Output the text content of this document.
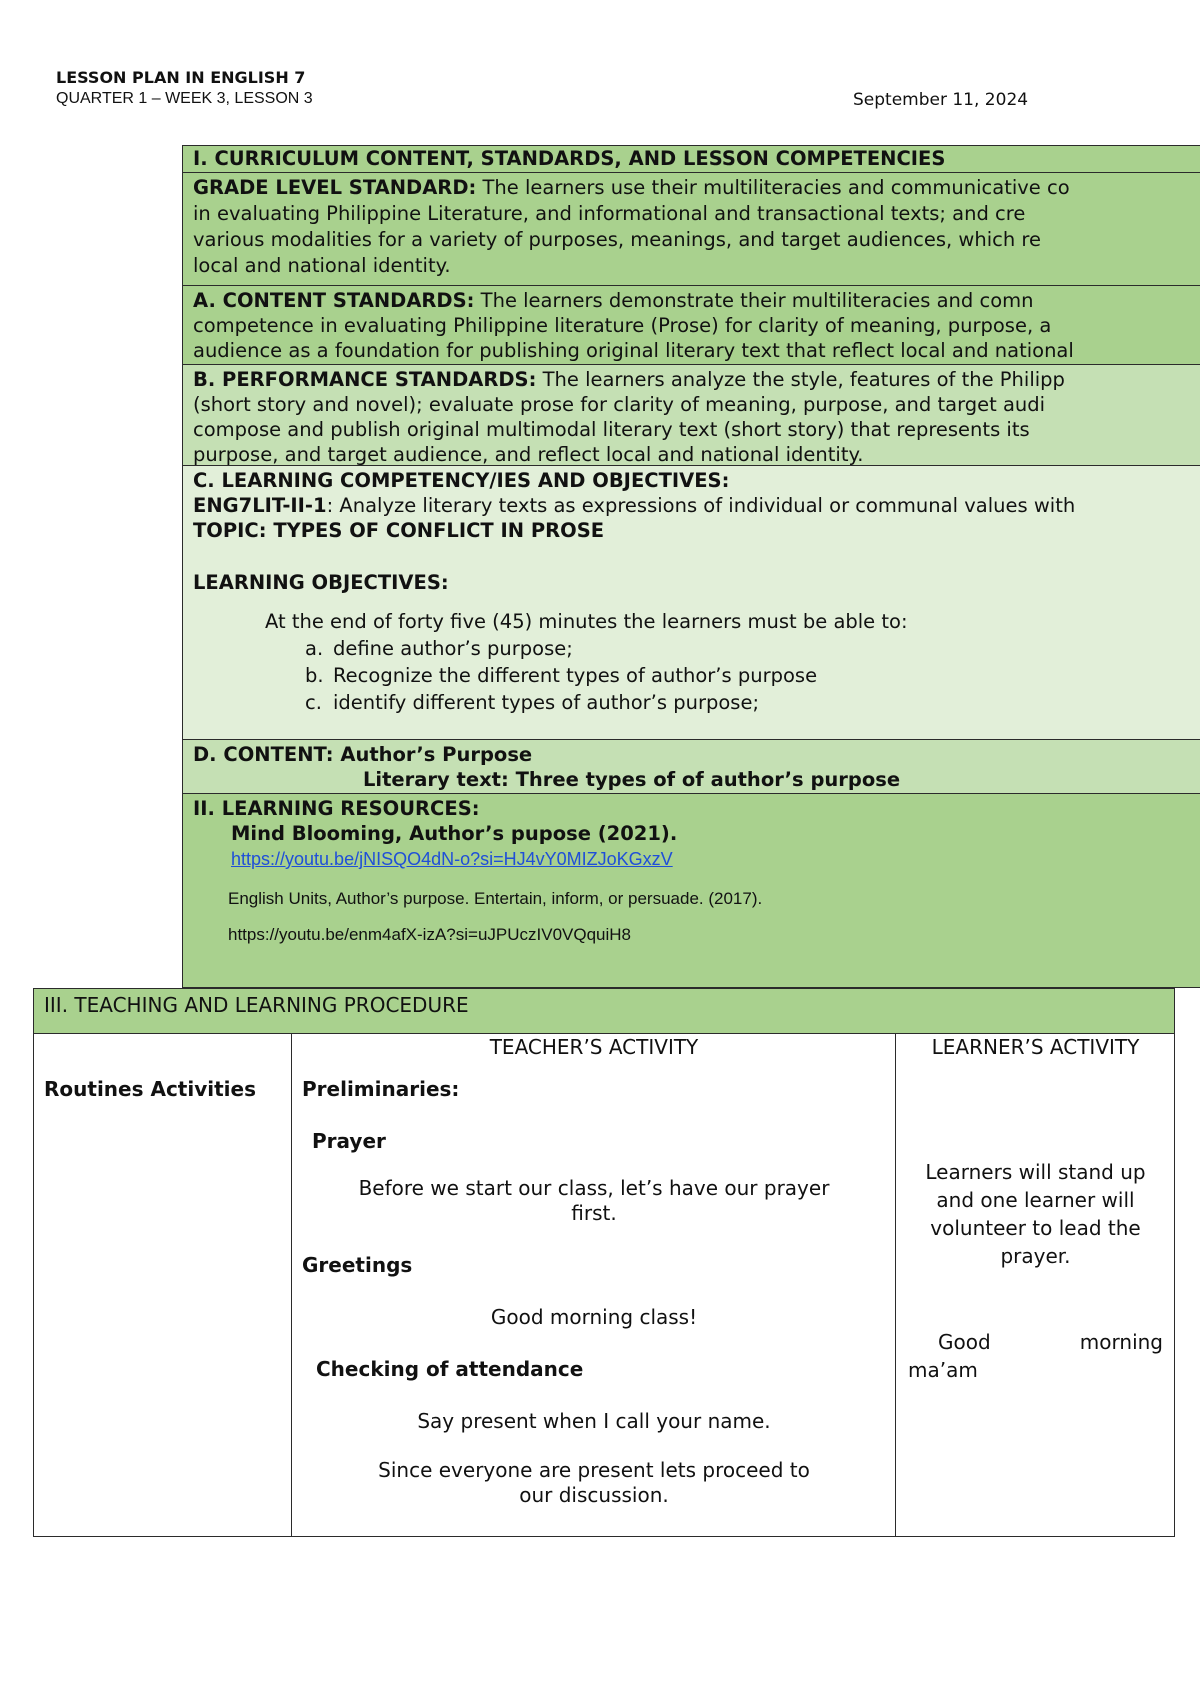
LESSON PLAN IN ENGLISH 7
QUARTER 1 – WEEK 3, LESSON 3	September 11, 2024
I. CURRICULUM CONTENT, STANDARDS, AND LESSON COMPETENCIES
GRADE LEVEL STANDARD: The learners use their multiliteracies and communicative co
in evaluating Philippine Literature, and informational and transactional texts; and cre
various modalities for a variety of purposes, meanings, and target audiences, which re
local and national identity.
A. CONTENT STANDARDS: The learners demonstrate their multiliteracies and comn
competence in evaluating Philippine literature (Prose) for clarity of meaning, purpose, a
audience as a foundation for publishing original literary text that reflect local and national
B. PERFORMANCE STANDARDS: The learners analyze the style, features of the Philipp
(short story and novel); evaluate prose for clarity of meaning, purpose, and target audi
compose and publish original multimodal literary text (short story) that represents its
purpose, and target audience, and reflect local and national identity.
C. LEARNING COMPETENCY/IES AND OBJECTIVES:
ENG7LIT-II-1: Analyze literary texts as expressions of individual or communal values with
TOPIC: TYPES OF CONFLICT IN PROSE
LEARNING OBJECTIVES:
At the end of forty five (45) minutes the learners must be able to:
a. define author’s purpose;
b. Recognize the different types of author’s purpose
c. identify different types of author’s purpose;
D. CONTENT: Author’s Purpose
Literary text: Three types of of author’s purpose
II. LEARNING RESOURCES:
Mind Blooming, Author’s pupose (2021).
https://youtu.be/jNISQO4dN-o?si=HJ4vY0MIZJoKGxzV
English Units, Author’s purpose. Entertain, inform, or persuade. (2017).
https://youtu.be/enm4afX-izA?si=uJPUczIV0VQquiH8
III. TEACHING AND LEARNING PROCEDURE
Routines Activities
TEACHER’S ACTIVITY
Preliminaries:
Prayer
Before we start our class, let’s have our prayer
first.
Greetings
Good morning class!
Checking of attendance
Say present when I call your name.
Since everyone are present lets proceed to
our discussion.
LEARNER’S ACTIVITY
Learners will stand up
and one learner will
volunteer to lead the
prayer.
Good	morning
ma’am
